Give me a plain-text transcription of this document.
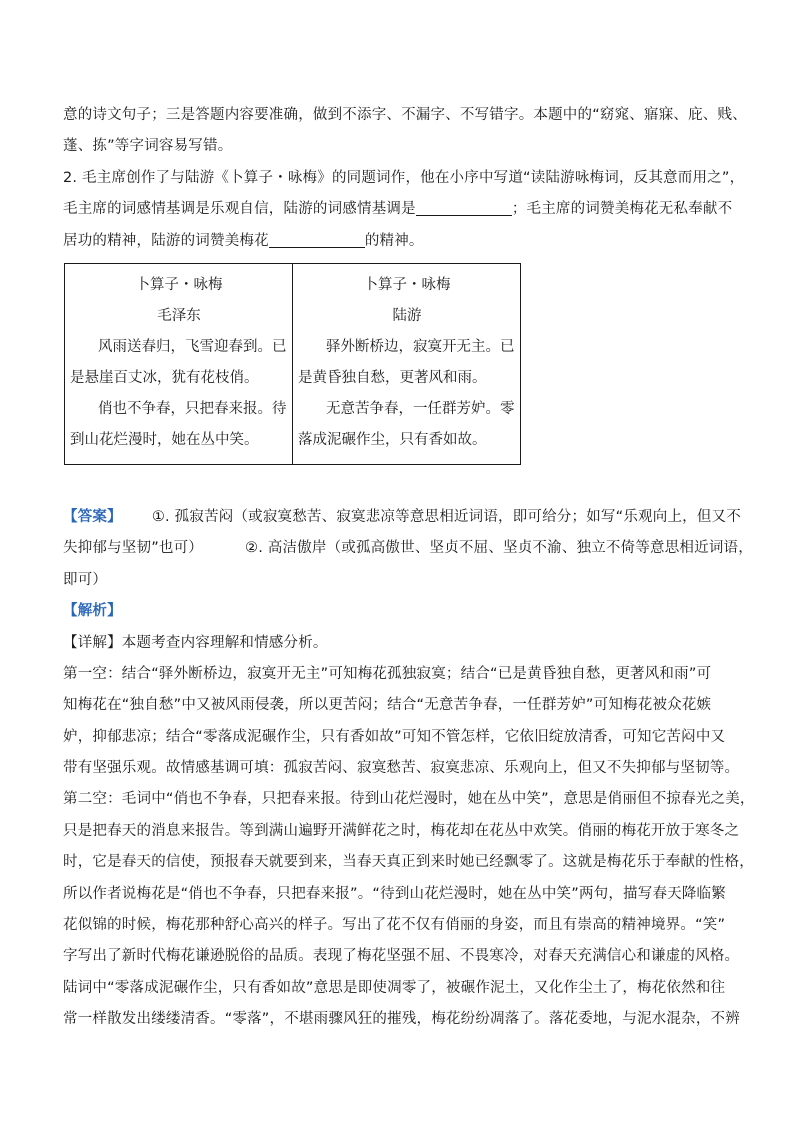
意的诗文句子；三是答题内容要准确，做到不添字、不漏字、不写错字。本题中的“窈窕、寤寐、庇、贱、
蓬、拣”等字词容易写错。
2. 毛主席创作了与陆游《卜算子・咏梅》的同题词作，他在小序中写道“读陆游咏梅词，反其意而用之”，
毛主席的词感情基调是乐观自信，陆游的词感情基调是	；毛主席的词赞美梅花无私奉献不
居功的精神，陆游的词赞美梅花	的精神。
卜算子・咏梅
毛泽东
风雨送春归，飞雪迎春到。已
是悬崖百丈冰，犹有花枝俏。
俏也不争春，只把春来报。待
到山花烂漫时，她在丛中笑。

卜算子・咏梅
陆游
驿外断桥边，寂寞开无主。已
是黄昏独自愁，更著风和雨。
无意苦争春，一任群芳妒。零
落成泥碾作尘，只有香如故。
【答案】 ①. 孤寂苦闷（或寂寞愁苦、寂寞悲凉等意思相近词语，即可给分；如写“乐观向上，但又不
失抑郁与坚韧”也可）	②. 高洁傲岸（或孤高傲世、坚贞不屈、坚贞不渝、独立不倚等意思相近词语，
即可）
【解析】
【详解】本题考查内容理解和情感分析。
第一空：结合“驿外断桥边，寂寞开无主”可知梅花孤独寂寞；结合“已是黄昏独自愁，更著风和雨”可
知梅花在“独自愁”中又被风雨侵袭，所以更苦闷；结合“无意苦争春，一任群芳妒”可知梅花被众花嫉
妒，抑郁悲凉；结合“零落成泥碾作尘，只有香如故”可知不管怎样，它依旧绽放清香，可知它苦闷中又
带有坚强乐观。故情感基调可填：孤寂苦闷、寂寞愁苦、寂寞悲凉、乐观向上，但又不失抑郁与坚韧等。
第二空：毛词中“俏也不争春，只把春来报。待到山花烂漫时，她在丛中笑”，意思是俏丽但不掠春光之美，
只是把春天的消息来报告。等到满山遍野开满鲜花之时，梅花却在花丛中欢笑。俏丽的梅花开放于寒冬之
时，它是春天的信使，预报春天就要到来，当春天真正到来时她已经飘零了。这就是梅花乐于奉献的性格，
所以作者说梅花是“俏也不争春，只把春来报”。“待到山花烂漫时，她在丛中笑”两句，描写春天降临繁
花似锦的时候，梅花那种舒心高兴的样子。写出了花不仅有俏丽的身姿，而且有崇高的精神境界。“笑”
字写出了新时代梅花谦逊脱俗的品质。表现了梅花坚强不屈、不畏寒冷，对春天充满信心和谦虚的风格。
陆词中“零落成泥碾作尘，只有香如故”意思是即使凋零了，被碾作泥土，又化作尘土了，梅花依然和往
常一样散发出缕缕清香。“零落”，不堪雨骤风狂的摧残，梅花纷纷凋落了。落花委地，与泥水混杂，不辨
